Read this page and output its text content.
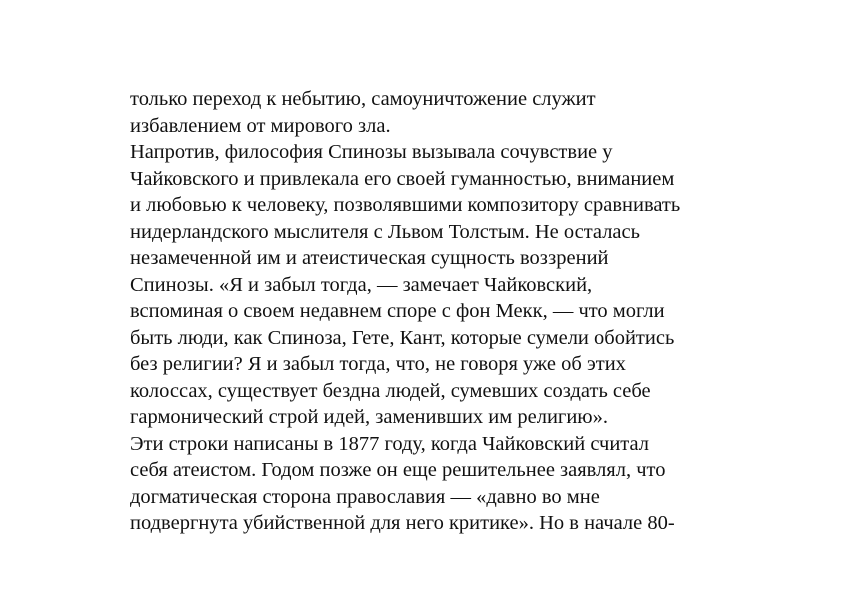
только переход к небытию, самоуничтожение служит
избавлением от мирового зла.
Напротив, философия Спинозы вызывала сочувствие у
Чайковского и привлекала его своей гуманностью, вниманием
и любовью к человеку, позволявшими композитору сравнивать
нидерландского мыслителя с Львом Толстым. Не осталась
незамеченной им и атеистическая сущность воззрений
Спинозы. «Я и забыл тогда, — замечает Чайковский,
вспоминая о своем недавнем споре с фон Мекк, — что могли
быть люди, как Спиноза, Гете, Кант, которые сумели обойтись
без религии? Я и забыл тогда, что, не говоря уже об этих
колоссах, существует бездна людей, сумевших создать себе
гармонический строй идей, заменивших им религию».
Эти строки написаны в 1877 году, когда Чайковский считал
себя атеистом. Годом позже он еще решительнее заявлял, что
догматическая сторона православия — «давно во мне
подвергнута убийственной для него критике». Но в начале 80-
